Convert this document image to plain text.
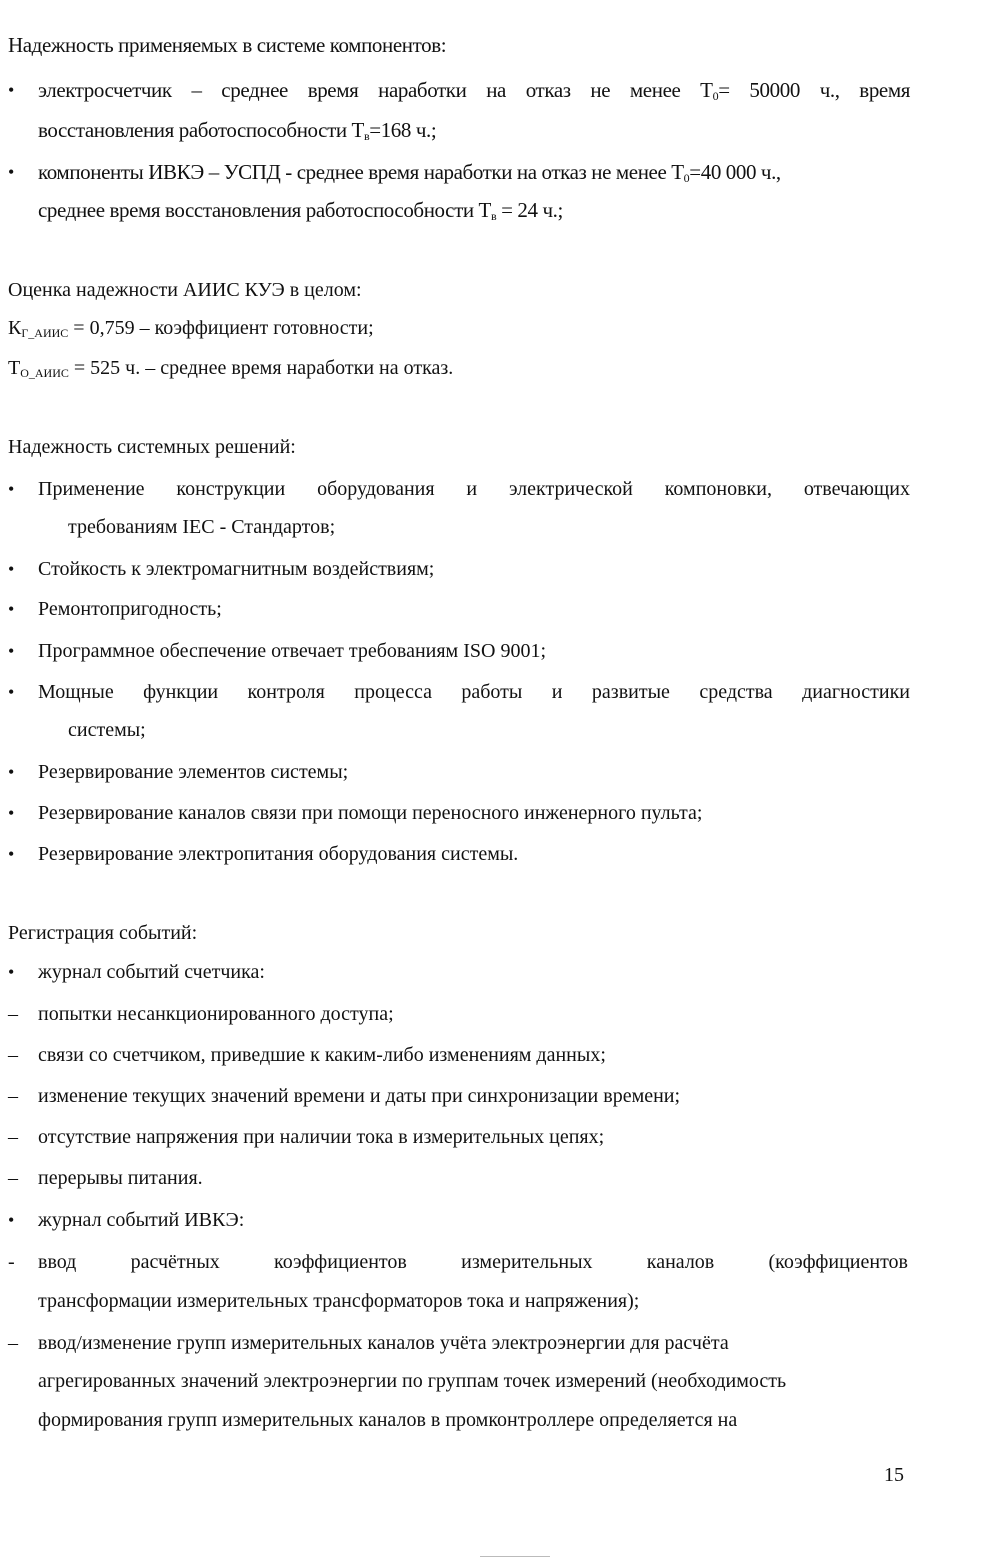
Надежность применяемых в системе компонентов:
• электросчетчик – среднее время наработки на отказ не менее $Т_0= 50000$ ч., время
восстановления работоспособности $Т_в=168$ ч.;
• компоненты ИВКЭ – УСПД - среднее время наработки на отказ не менее $Т_0=40$ 000 ч.,
среднее время восстановления работоспособности $Т_в = 24$ ч.;
Оценка надежности АИИС КУЭ в целом:
$К_{Г\_АИИС} = 0,759$ – коэффициент готовности;
$Т_{О\_АИИС} = 525$ ч. – среднее время наработки на отказ.
Надежность системных решений:
• Применение конструкции оборудования и электрической компоновки, отвечающих
требованиям IEC - Стандартов;
• Стойкость к электромагнитным воздействиям;
• Ремонтопригодность;
• Программное обеспечение отвечает требованиям ISO 9001;
• Мощные функции контроля процесса работы и развитые средства диагностики
системы;
• Резервирование элементов системы;
• Резервирование каналов связи при помощи переносного инженерного пульта;
• Резервирование электропитания оборудования системы.
Регистрация событий:
• журнал событий счетчика:
– попытки несанкционированного доступа;
– связи со счетчиком, приведшие к каким-либо изменениям данных;
– изменение текущих значений времени и даты при синхронизации времени;
– отсутствие напряжения при наличии тока в измерительных цепях;
– перерывы питания.
• журнал событий ИВКЭ:
- ввод расчётных коэффициентов измерительных каналов (коэффициентов
трансформации измерительных трансформаторов тока и напряжения);
– ввод/изменение групп измерительных каналов учёта электроэнергии для расчёта
агрегированных значений электроэнергии по группам точек измерений (необходимость
формирования групп измерительных каналов в промконтроллере определяется на
15
